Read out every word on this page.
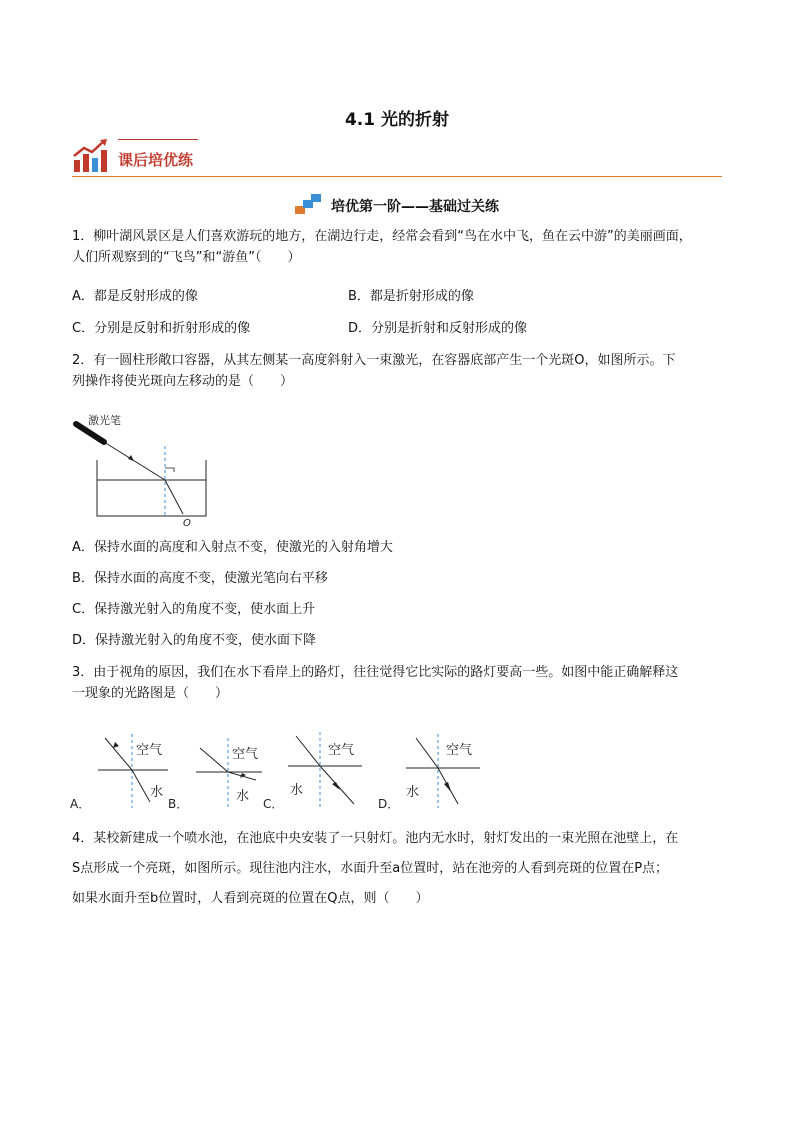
4.1 光的折射
课后培优练
培优第一阶——基础过关练
1．柳叶湖风景区是人们喜欢游玩的地方，在湖边行走，经常会看到“鸟在水中飞，鱼在云中游”的美丽画面，
人们所观察到的“飞鸟”和“游鱼”（　　）
A．都是反射形成的像	B．都是折射形成的像
C．分别是反射和折射形成的像	D．分别是折射和反射形成的像
2．有一圆柱形敞口容器，从其左侧某一高度斜射入一束激光，在容器底部产生一个光斑O，如图所示。下
列操作将使光斑向左移动的是（　　）
激光笔
O
A．保持水面的高度和入射点不变，使激光的入射角增大
B．保持水面的高度不变，使激光笔向右平移
C．保持激光射入的角度不变，使水面上升
D．保持激光射入的角度不变，使水面下降
3．由于视角的原因，我们在水下看岸上的路灯，往往觉得它比实际的路灯要高一些。如图中能正确解释这
一现象的光路图是（　　）
空气
水
A．
空气
水
B．
空气
水
C．
空气
水
D．
4．某校新建成一个喷水池，在池底中央安装了一只射灯。池内无水时，射灯发出的一束光照在池壁上，在
S点形成一个亮斑，如图所示。现往池内注水，水面升至a位置时，站在池旁的人看到亮斑的位置在P点；
如果水面升至b位置时，人看到亮斑的位置在Q点，则（　　）
